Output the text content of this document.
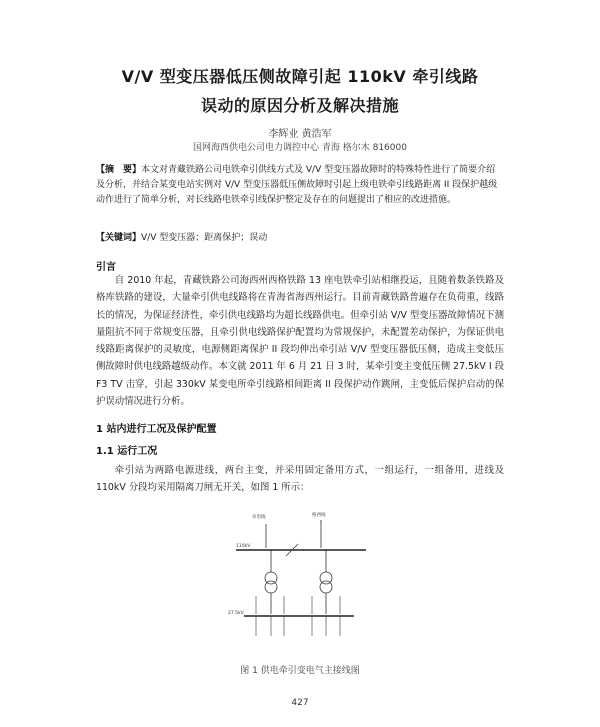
V/V 型变压器低压侧故障引起 110kV 牵引线路
误动的原因分析及解决措施
李辉业 黄浩军
国网海西供电公司电力调控中心 青海 格尔木 816000
【摘　要】本文对青藏铁路公司电铁牵引供线方式及 V/V 型变压器故障时的特殊特性进行了简要介绍及分析，并结合某变电站实例对 V/V 型变压器低压侧故障时引起上级电铁牵引线路距离 II 段保护越级动作进行了简单分析，对长线路电铁牵引线保护整定及存在的问题提出了相应的改进措施。
【关键词】V/V 型变压器；距离保护；误动
引言
自 2010 年起，青藏铁路公司海西州西格铁路 13 座电铁牵引站相继投运，且随着数条铁路及格库铁路的建设，大量牵引供电线路将在青海省海西州运行。目前青藏铁路普遍存在负荷重，线路长的情况，为保证经济性，牵引供电线路均为超长线路供电。但牵引站 V/V 型变压器故障情况下测量阻抗不同于常规变压器，且牵引供电线路保护配置均为常规保护，未配置差动保护，为保证供电线路距离保护的灵敏度，电源侧距离保护 II 段均伸出牵引站 V/V 型变压器低压侧，造成主变低压侧故障时供电线路越级动作。本文就 2011 年 6 月 21 日 3 时，某牵引变主变低压侧 27.5kV I 段 F3 TV 击穿，引起 330kV 某变电所牵引线路相间距离 II 段保护动作跳闸，主变低后保护启动的保护误动情况进行分析。
1 站内进行工况及保护配置
1.1 运行工况
牵引站为两路电源进线，两台主变，并采用固定备用方式，一组运行，一组备用，进线及 110kV 分段均采用隔离刀闸无开关，如图 1 所示：
牵电线	格西线
110kV
27.5kV
图 1 供电牵引变电气主接线图
427
